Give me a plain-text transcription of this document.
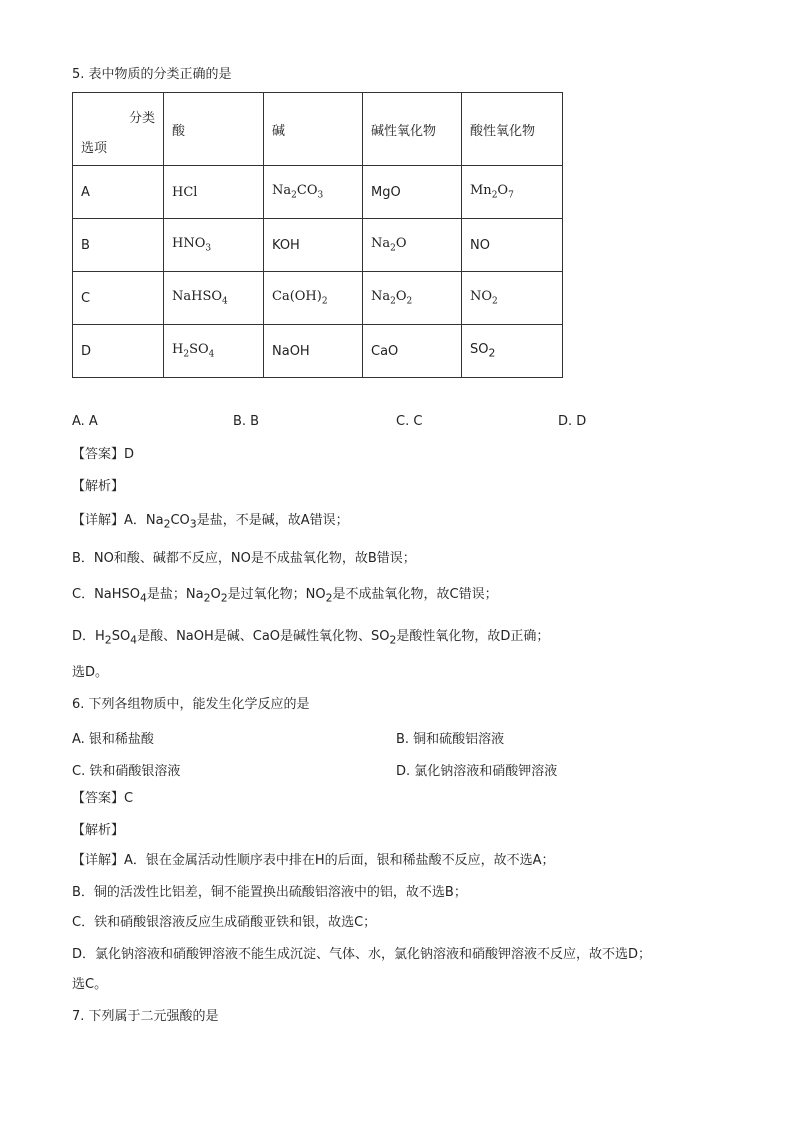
5. 表中物质的分类正确的是
分类
选项	酸	碱	碱性氧化物	酸性氧化物
A	HCl	$Na_2CO_3$	MgO	$Mn_2O_7$
B	$HNO_3$	KOH	$Na_2O$	NO
C	NaHSO$_4$	$Ca(OH)_2$	$Na_2O_2$	$NO_2$
D	$H_2SO_4$	NaOH	CaO	$SO_2$
A. A	B. B	C. C	D. D
【答案】D
【解析】
【详解】A．$Na_2CO_3$是盐，不是碱，故A错误；
B．NO和酸、碱都不反应，NO是不成盐氧化物，故B错误；
C．NaHSO$_4$是盐；$Na_2O_2$是过氧化物；$NO_2$是不成盐氧化物，故C错误；
D．$H_2SO_4$是酸、NaOH是碱、CaO是碱性氧化物、$SO_2$是酸性氧化物，故D正确；
选D。
6. 下列各组物质中，能发生化学反应的是
A. 银和稀盐酸	B. 铜和硫酸铝溶液
C. 铁和硝酸银溶液	D. 氯化钠溶液和硝酸钾溶液
【答案】C
【解析】
【详解】A．银在金属活动性顺序表中排在H的后面，银和稀盐酸不反应，故不选A；
B．铜的活泼性比铝差，铜不能置换出硫酸铝溶液中的铝，故不选B；
C．铁和硝酸银溶液反应生成硝酸亚铁和银，故选C；
D．氯化钠溶液和硝酸钾溶液不能生成沉淀、气体、水，氯化钠溶液和硝酸钾溶液不反应，故不选D；
选C。
7. 下列属于二元强酸的是
